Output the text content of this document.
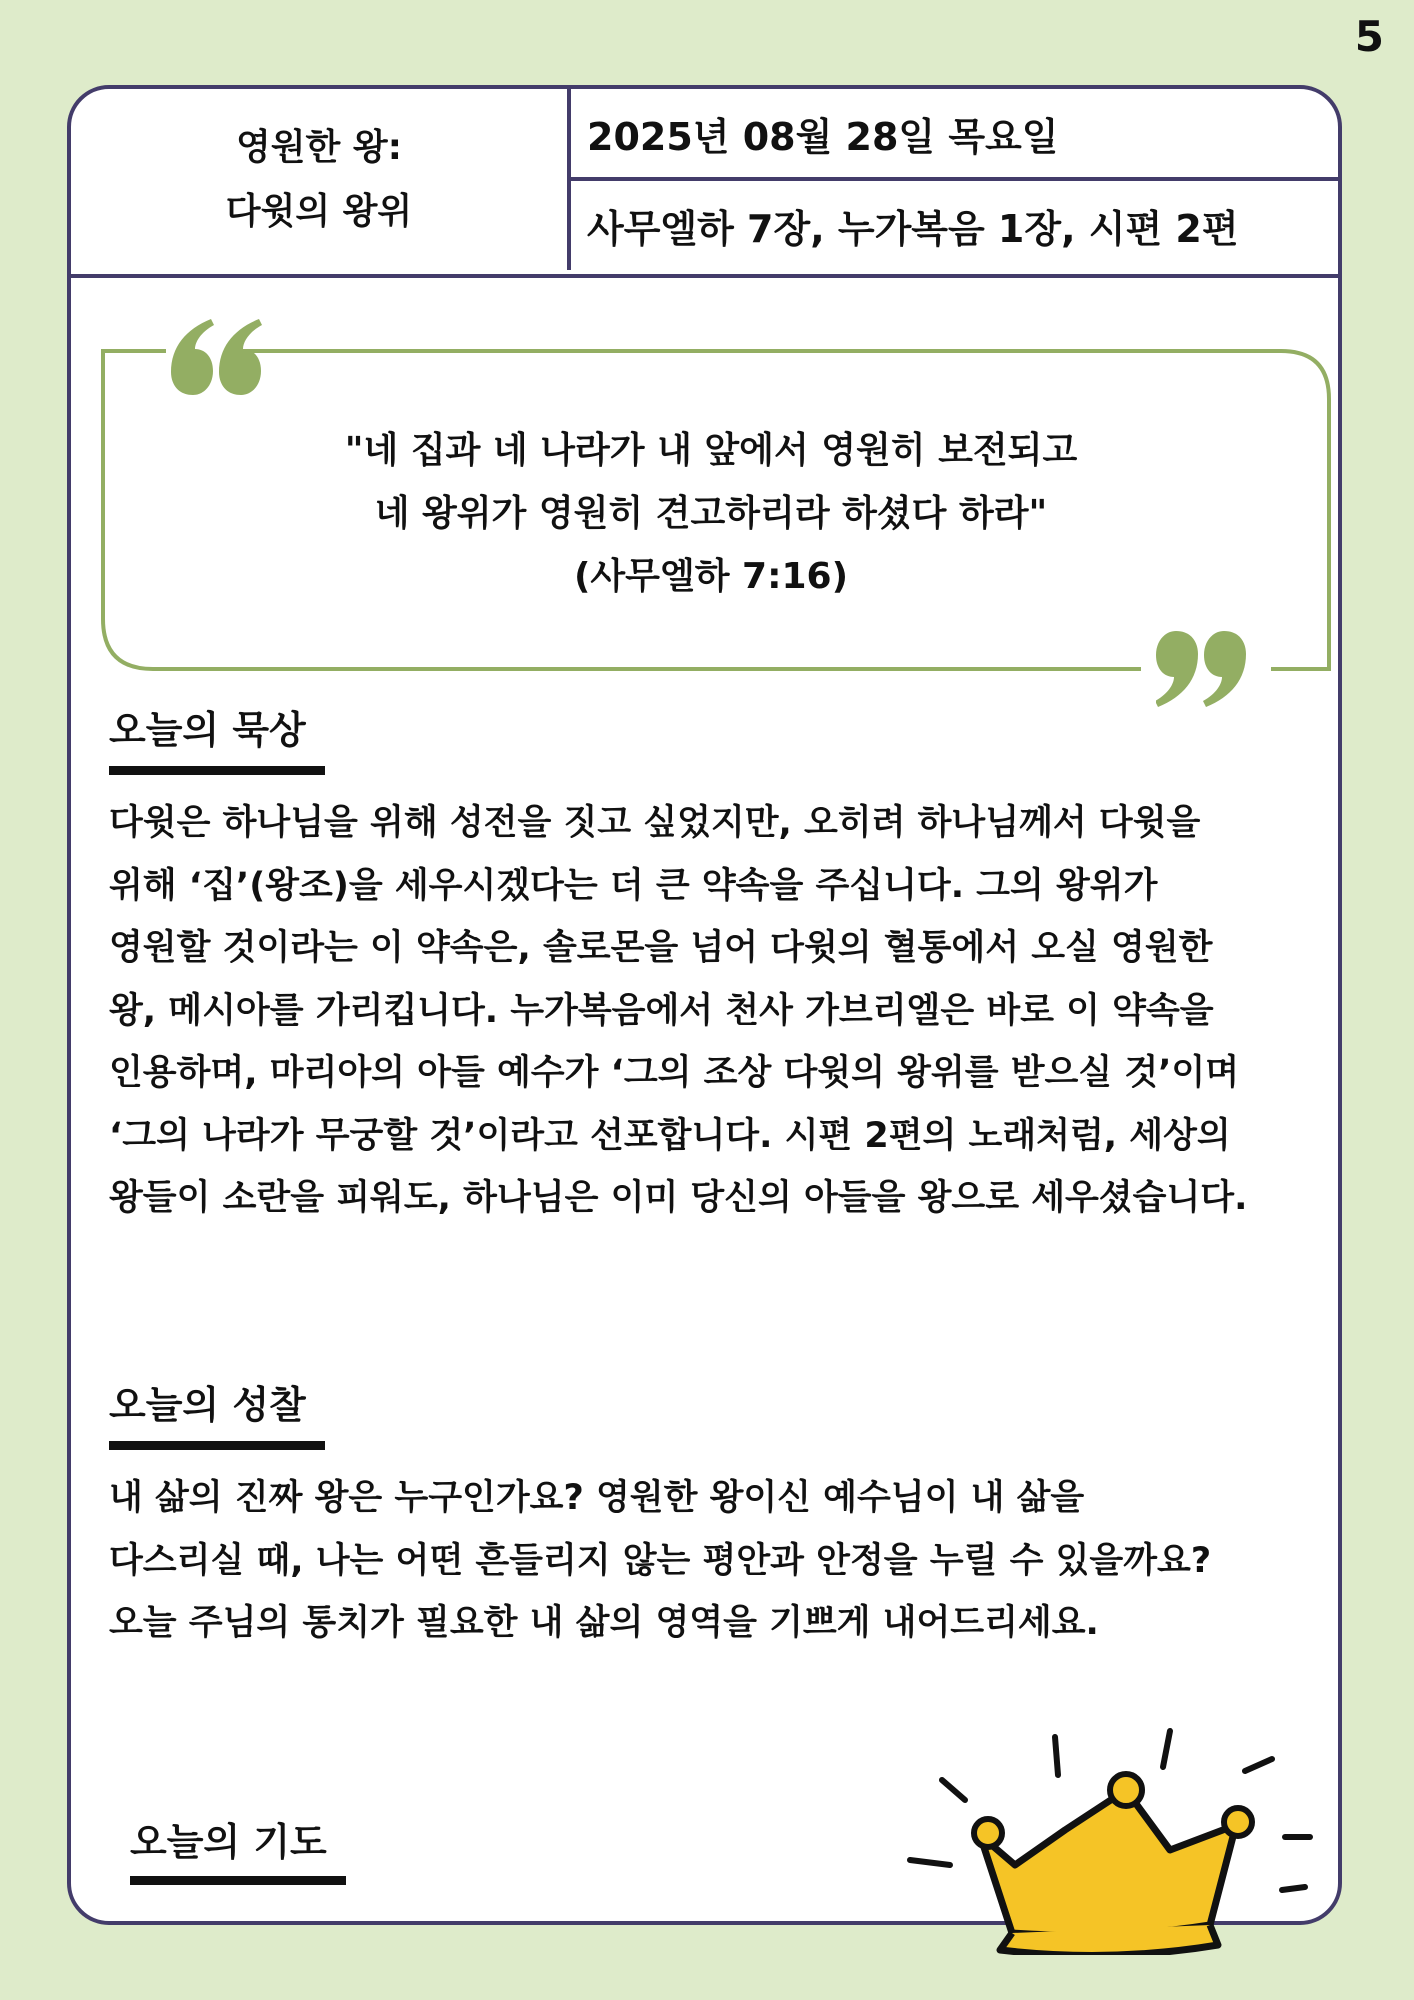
5
영원한 왕:
다윗의 왕위
2025년 08월 28일 목요일
사무엘하 7장, 누가복음 1장, 시편 2편
"네 집과 네 나라가 내 앞에서 영원히 보전되고
네 왕위가 영원히 견고하리라 하셨다 하라"
(사무엘하 7:16)
오늘의 묵상
다윗은 하나님을 위해 성전을 짓고 싶었지만, 오히려 하나님께서 다윗을
위해 ‘집’(왕조)을 세우시겠다는 더 큰 약속을 주십니다. 그의 왕위가
영원할 것이라는 이 약속은, 솔로몬을 넘어 다윗의 혈통에서 오실 영원한
왕, 메시아를 가리킵니다. 누가복음에서 천사 가브리엘은 바로 이 약속을
인용하며, 마리아의 아들 예수가 ‘그의 조상 다윗의 왕위를 받으실 것’이며
‘그의 나라가 무궁할 것’이라고 선포합니다. 시편 2편의 노래처럼, 세상의
왕들이 소란을 피워도, 하나님은 이미 당신의 아들을 왕으로 세우셨습니다.
오늘의 성찰
내 삶의 진짜 왕은 누구인가요? 영원한 왕이신 예수님이 내 삶을
다스리실 때, 나는 어떤 흔들리지 않는 평안과 안정을 누릴 수 있을까요?
오늘 주님의 통치가 필요한 내 삶의 영역을 기쁘게 내어드리세요.
오늘의 기도
